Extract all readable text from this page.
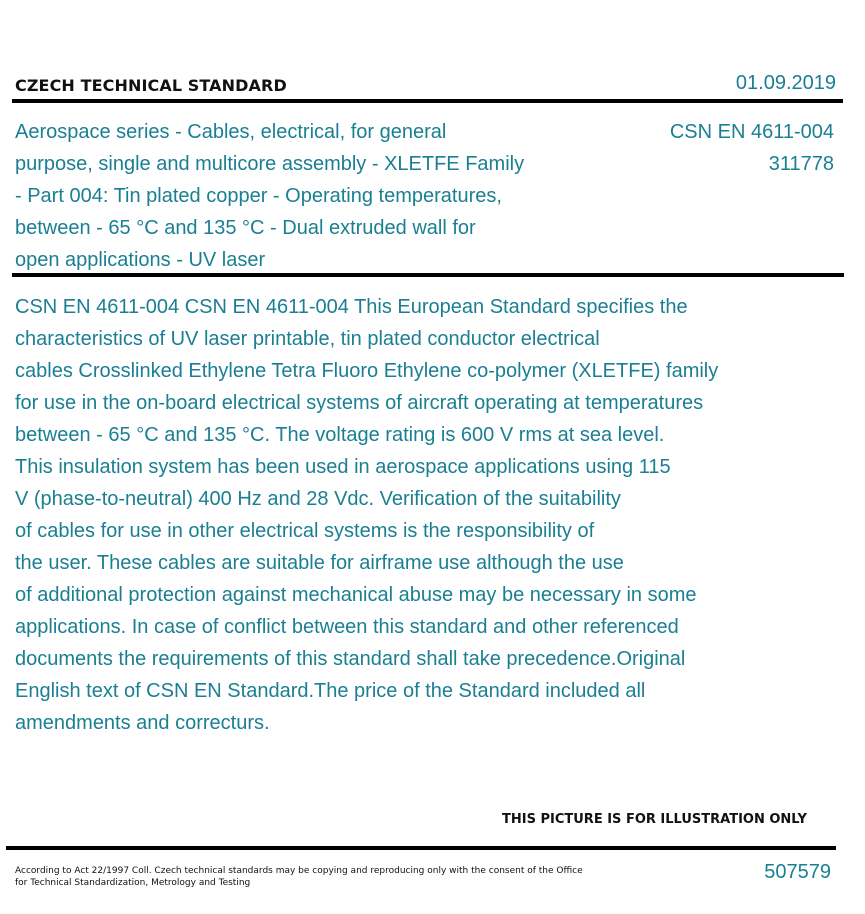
CZECH TECHNICAL STANDARD	01.09.2019
Aerospace series - Cables, electrical, for general purpose, single and multicore assembly - XLETFE Family - Part 004: Tin plated copper - Operating temperatures, between - 65 °C and 135 °C - Dual extruded wall for open applications - UV laser
CSN EN 4611-004
311778
CSN EN 4611-004 CSN EN 4611-004 This European Standard specifies the
characteristics of UV laser printable, tin plated conductor electrical
cables Crosslinked Ethylene Tetra Fluoro Ethylene co-polymer (XLETFE) family
for use in the on-board electrical systems of aircraft operating at temperatures
between - 65 °C and 135 °C. The voltage rating is 600 V rms at sea level.
This insulation system has been used in aerospace applications using 115
V (phase-to-neutral) 400 Hz and 28 Vdc. Verification of the suitability
of cables for use in other electrical systems is the responsibility of
the user. These cables are suitable for airframe use although the use
of additional protection against mechanical abuse may be necessary in some
applications. In case of conflict between this standard and other referenced
documents the requirements of this standard shall take precedence.Original
English text of CSN EN Standard.The price of the Standard included all
amendments and correcturs.
THIS PICTURE IS FOR ILLUSTRATION ONLY
According to Act 22/1997 Coll. Czech technical standards may be copying and reproducing only with the consent of the Office
for Technical Standardization, Metrology and Testing	507579
